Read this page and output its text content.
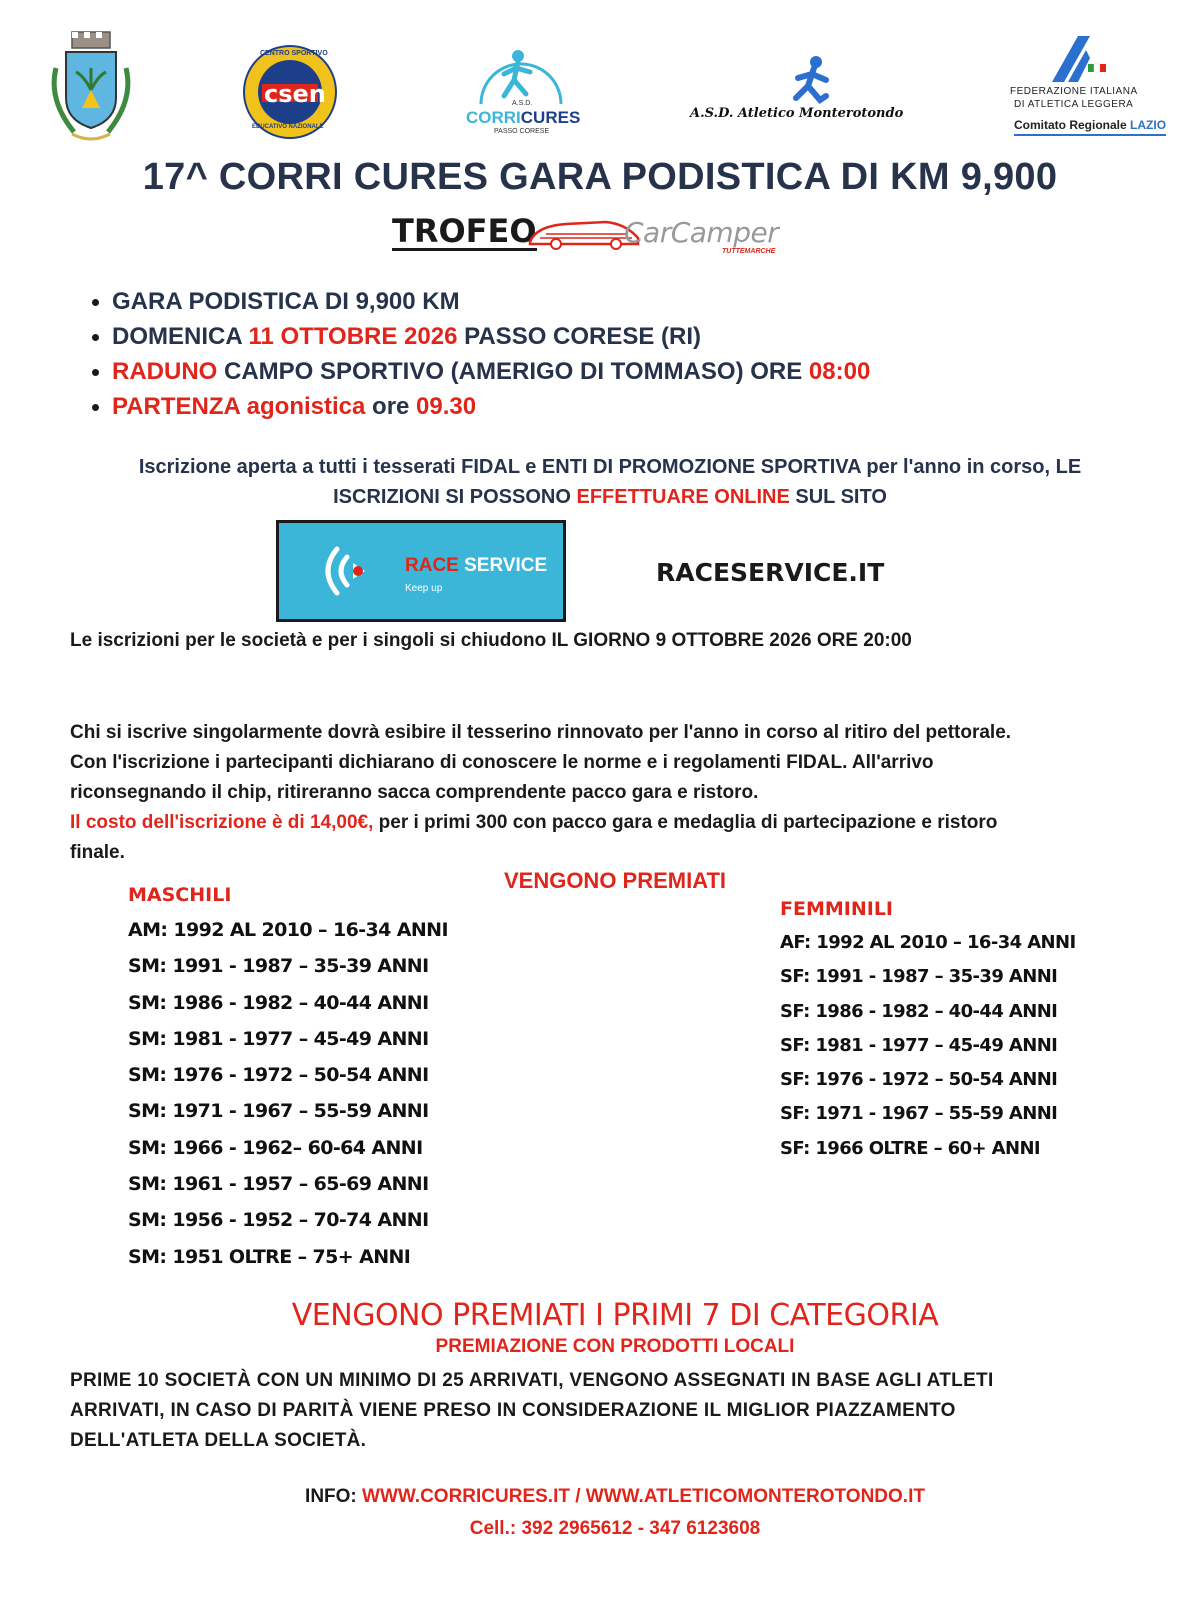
CENTRO SPORTIVO
csen
EDUCATIVO NAZIONALE
A.S.D.
CORRICURES
PASSO CORESE
A.S.D. Atletico Monterotondo
FEDERAZIONE ITALIANA
DI ATLETICA LEGGERA
Comitato Regionale LAZIO
17^ CORRI CURES GARA PODISTICA DI KM 9,900
TROFEO	CarCamper
TUTTEMARCHE
GARA PODISTICA DI 9,900 KM
DOMENICA 11 OTTOBRE 2026 PASSO CORESE (RI)
RADUNO CAMPO SPORTIVO (AMERIGO DI TOMMASO) ORE 08:00
PARTENZA agonistica ore 09.30
Iscrizione aperta a tutti i tesserati FIDAL e ENTI DI PROMOZIONE SPORTIVA per l'anno in corso, LE
ISCRIZIONI SI POSSONO EFFETTUARE ONLINE SUL SITO
RACE SERVICE
Keep up
RACESERVICE.IT
Le iscrizioni per le società e per i singoli si chiudono IL GIORNO 9 OTTOBRE 2026 ORE 20:00
Chi si iscrive singolarmente dovrà esibire il tesserino rinnovato per l'anno in corso al ritiro del pettorale.
Con l'iscrizione i partecipanti dichiarano di conoscere le norme e i regolamenti FIDAL. All'arrivo
riconsegnando il chip, ritireranno sacca comprendente pacco gara e ristoro.
Il costo dell'iscrizione è di 14,00€, per i primi 300 con pacco gara e medaglia di partecipazione e ristoro
finale.
VENGONO PREMIATI
MASCHILI
AM: 1992 AL 2010 – 16-34 ANNI
SM: 1991 - 1987 – 35-39 ANNI
SM: 1986 - 1982 – 40-44 ANNI
SM: 1981 - 1977 – 45-49 ANNI
SM: 1976 - 1972 – 50-54 ANNI
SM: 1971 - 1967 – 55-59 ANNI
SM: 1966 - 1962– 60-64 ANNI
SM: 1961 - 1957 – 65-69 ANNI
SM: 1956 - 1952 – 70-74 ANNI
SM: 1951 OLTRE – 75+ ANNI
FEMMINILI
AF: 1992 AL 2010 – 16-34 ANNI
SF: 1991 - 1987 – 35-39 ANNI
SF: 1986 - 1982 – 40-44 ANNI
SF: 1981 - 1977 – 45-49 ANNI
SF: 1976 - 1972 – 50-54 ANNI
SF: 1971 - 1967 – 55-59 ANNI
SF: 1966 OLTRE – 60+ ANNI
VENGONO PREMIATI I PRIMI 7 DI CATEGORIA
PREMIAZIONE CON PRODOTTI LOCALI
PRIME 10 SOCIETÀ CON UN MINIMO DI 25 ARRIVATI, VENGONO ASSEGNATI IN BASE AGLI ATLETI
ARRIVATI, IN CASO DI PARITÀ VIENE PRESO IN CONSIDERAZIONE IL MIGLIOR PIAZZAMENTO
DELL'ATLETA DELLA SOCIETÀ.
INFO: WWW.CORRICURES.IT / WWW.ATLETICOMONTEROTONDO.IT
Cell.: 392 2965612 - 347 6123608
